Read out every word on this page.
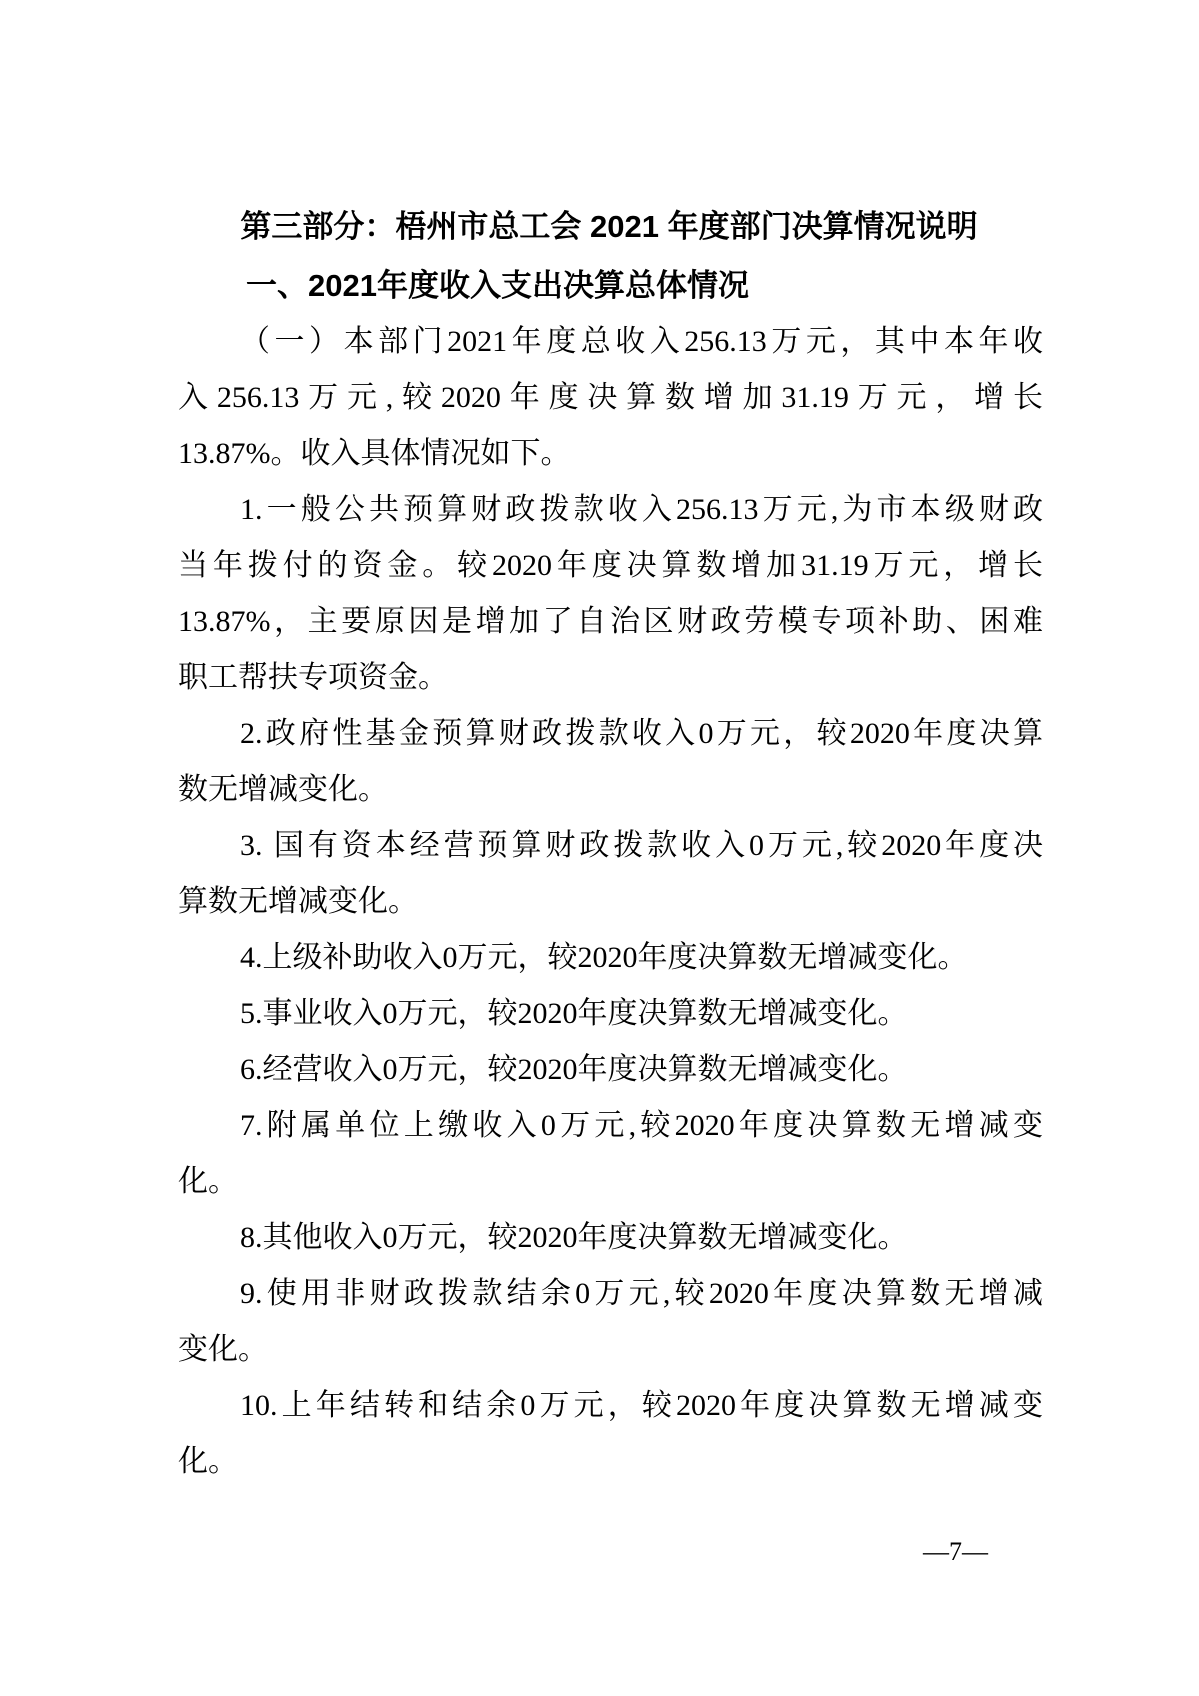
第三部分：梧州市总工会 2021 年度部门决算情况说明
一、2021年度收入支出决算总体情况
（一）本部门2021年度总收入256.13万元，其中本年收
入256.13万元,较2020年度决算数增加31.19万元，增长
13.87%。收入具体情况如下。
1.一般公共预算财政拨款收入256.13万元,为市本级财政
当年拨付的资金。较2020年度决算数增加31.19万元，增长
13.87%，主要原因是增加了自治区财政劳模专项补助、困难
职工帮扶专项资金。
2.政府性基金预算财政拨款收入0万元，较2020年度决算
数无增减变化。
3. 国有资本经营预算财政拨款收入0万元,较2020年度决
算数无增减变化。
4.上级补助收入0万元，较2020年度决算数无增减变化。
5.事业收入0万元，较2020年度决算数无增减变化。
6.经营收入0万元，较2020年度决算数无增减变化。
7.附属单位上缴收入0万元,较2020年度决算数无增减变
化。
8.其他收入0万元，较2020年度决算数无增减变化。
9.使用非财政拨款结余0万元,较2020年度决算数无增减
变化。
10.上年结转和结余0万元，较2020年度决算数无增减变
化。
—7—
